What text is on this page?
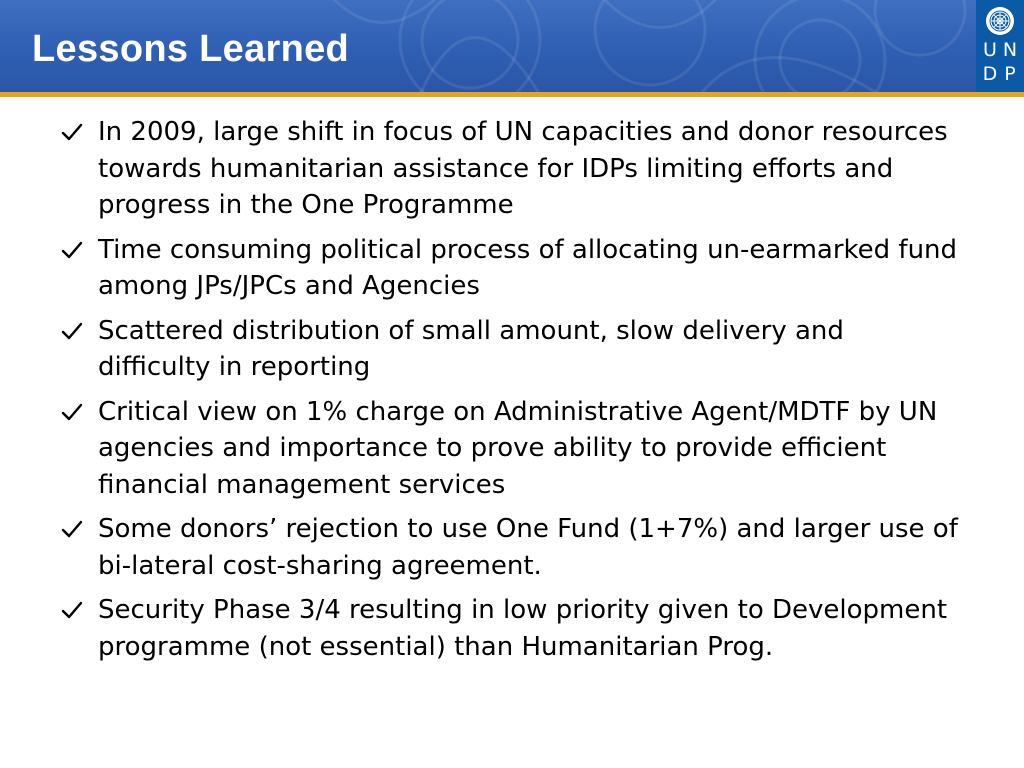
Lessons Learned	U N
D P
In 2009, large shift in focus of UN capacities and donor resources towards humanitarian assistance for IDPs limiting efforts and progress in the One Programme
Time consuming political process of allocating un-earmarked fund among JPs/JPCs and Agencies
Scattered distribution of small amount, slow delivery and difficulty in reporting
Critical view on 1% charge on Administrative Agent/MDTF by UN agencies and importance to prove ability to provide efficient financial management services
Some donors’ rejection to use One Fund (1+7%) and larger use of bi-lateral cost-sharing agreement.
Security Phase 3/4 resulting in low priority given to Development programme (not essential) than Humanitarian Prog.
